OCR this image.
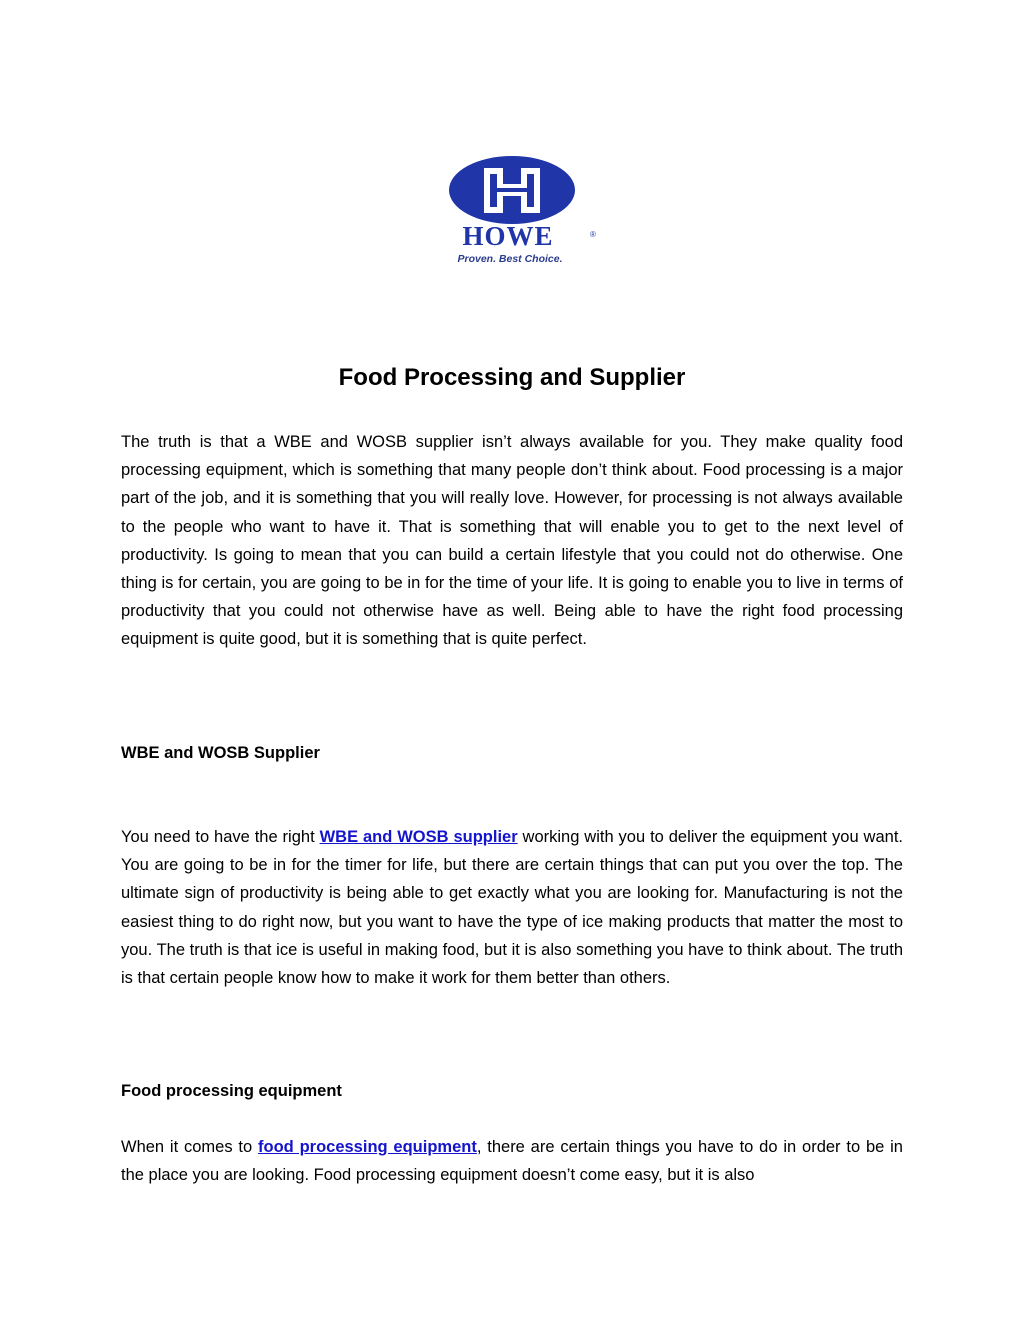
HOWE	®
Proven. Best Choice.
Food Processing and Supplier

The truth is that a WBE and WOSB supplier isn’t always available for you. They make quality food processing equipment, which is something that many people don’t think about. Food processing is a major part of the job, and it is something that you will really love. However, for processing is not always available to the people who want to have it. That is something that will enable you to get to the next level of productivity. Is going to mean that you can build a certain lifestyle that you could not do otherwise. One thing is for certain, you are going to be in for the time of your life. It is going to enable you to live in terms of productivity that you could not otherwise have as well. Being able to have the right food processing equipment is quite good, but it is something that is quite perfect.

WBE and WOSB Supplier

You need to have the right WBE and WOSB supplier working with you to deliver the equipment you want. You are going to be in for the timer for life, but there are certain things that can put you over the top. The ultimate sign of productivity is being able to get exactly what you are looking for. Manufacturing is not the easiest thing to do right now, but you want to have the type of ice making products that matter the most to you. The truth is that ice is useful in making food, but it is also something you have to think about. The truth is that certain people know how to make it work for them better than others.

Food processing equipment

When it comes to food processing equipment, there are certain things you have to do in order to be in the place you are looking. Food processing equipment doesn’t come easy, but it is also
